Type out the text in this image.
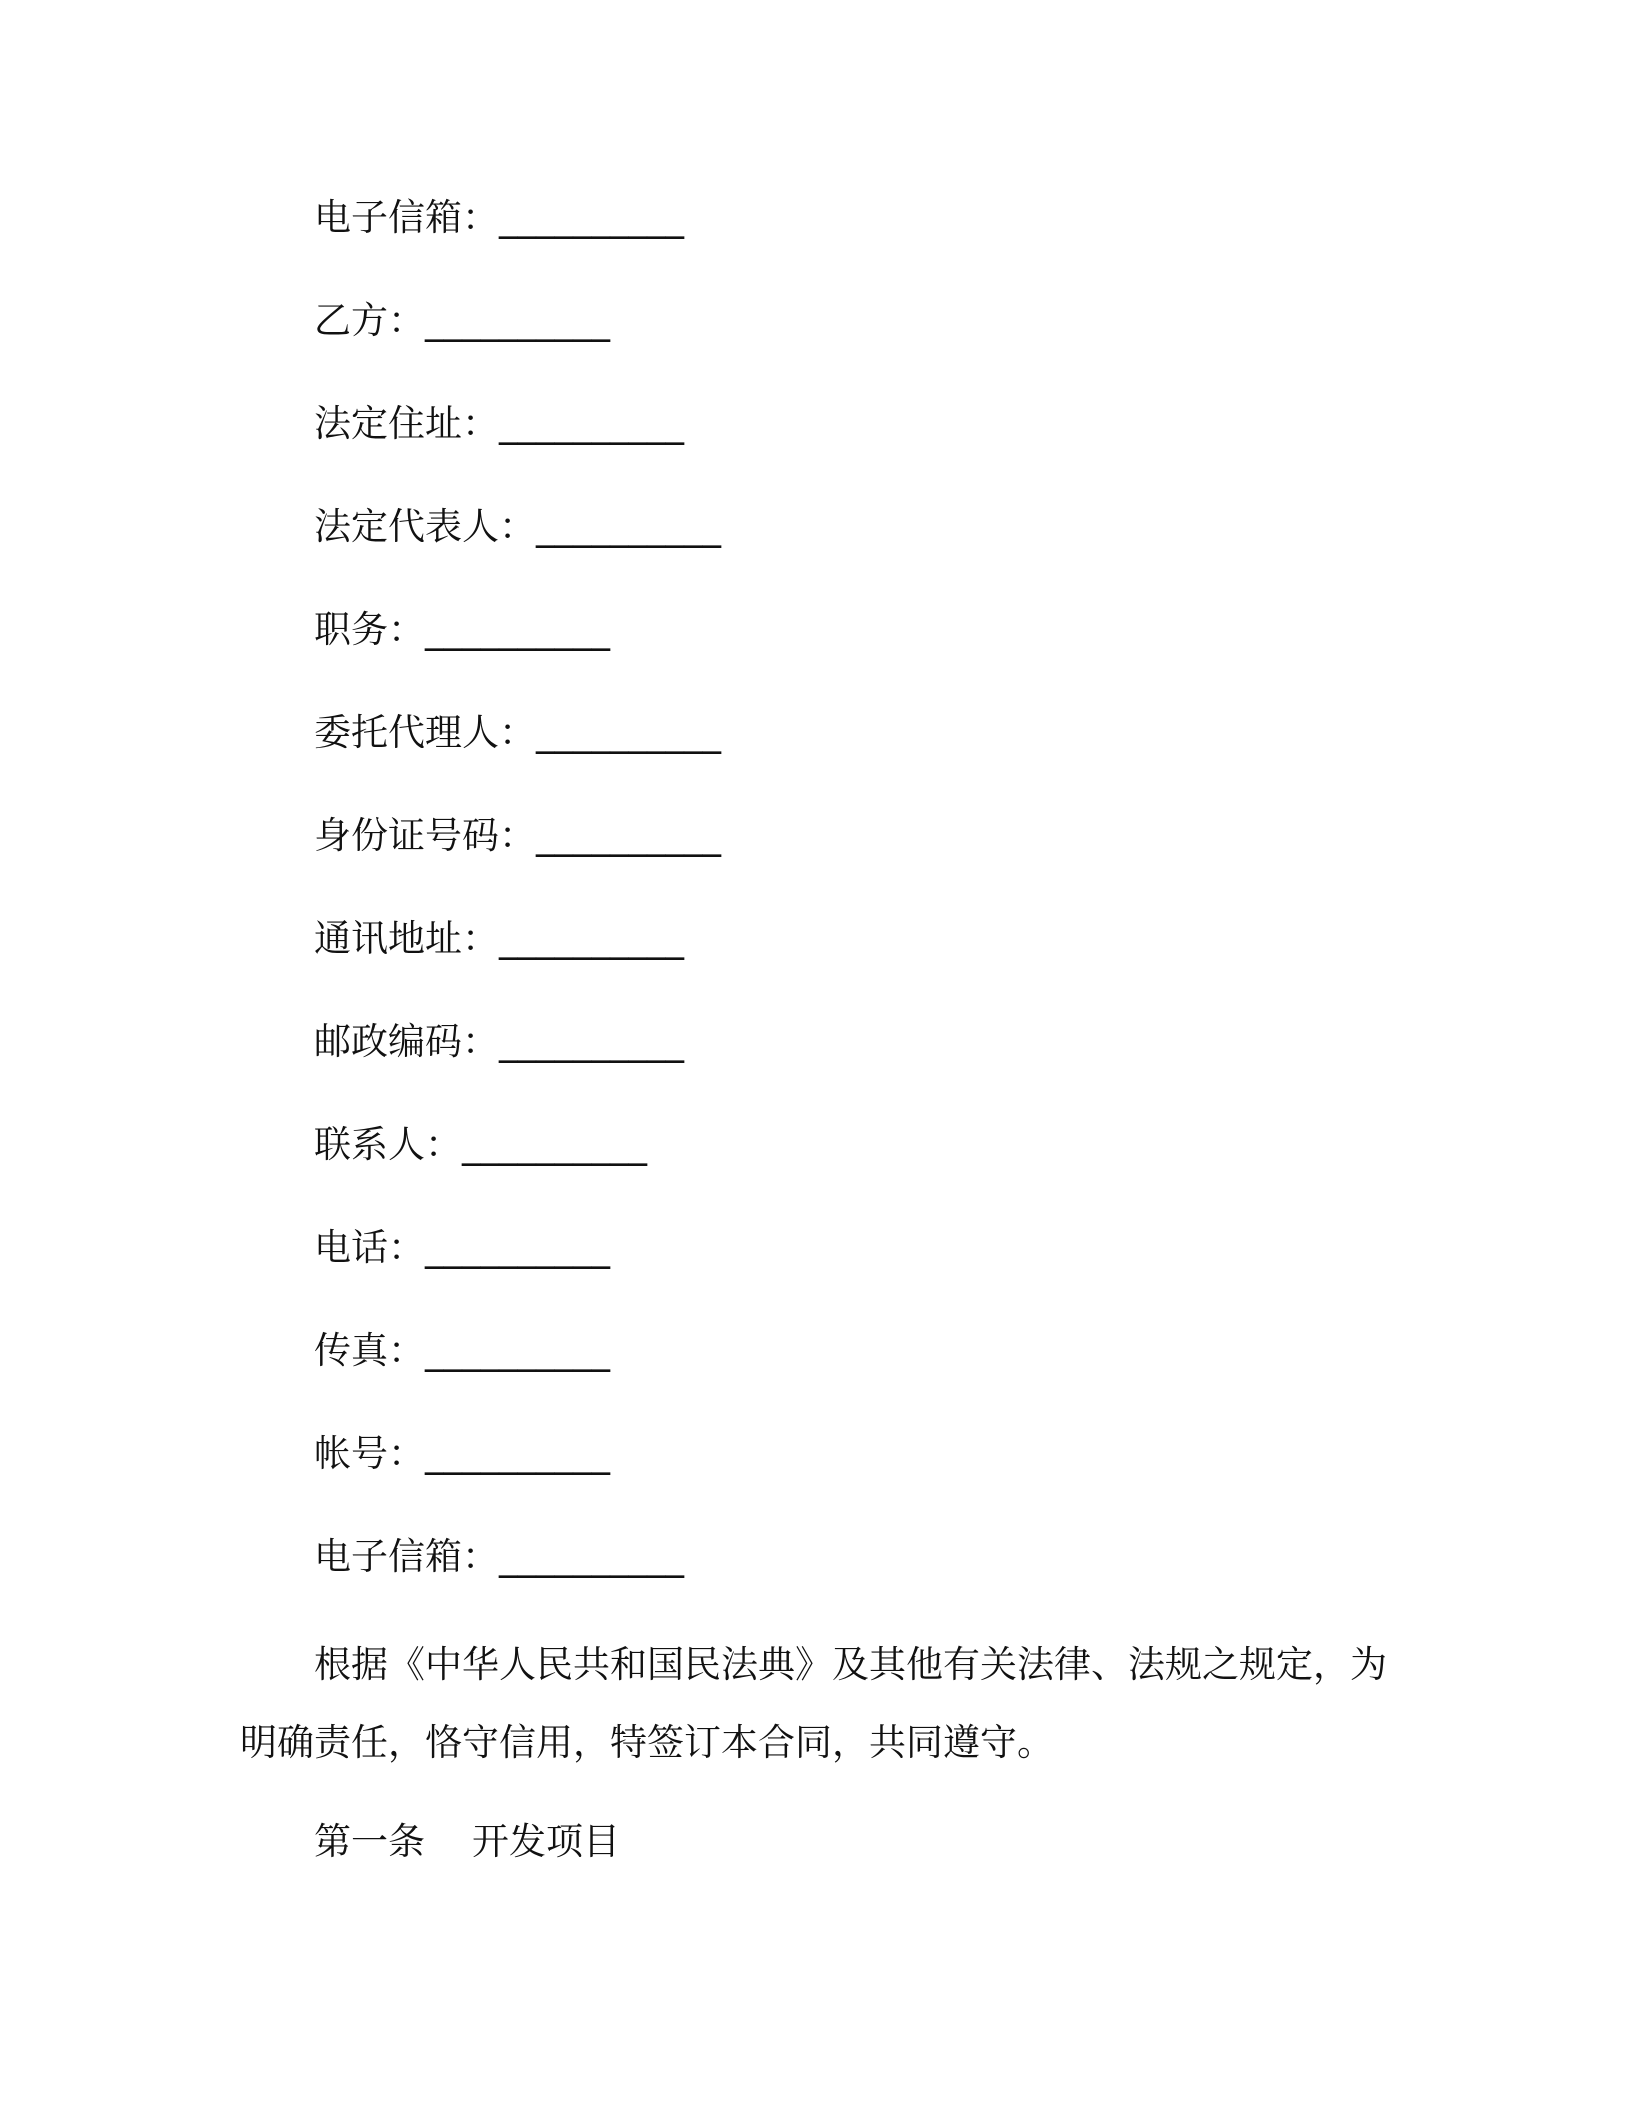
电子信箱：__________
乙方：__________
法定住址：__________
法定代表人：__________
职务：__________
委托代理人：__________
身份证号码：__________
通讯地址：__________
邮政编码：__________
联系人：__________
电话：__________
传真：__________
帐号：__________
电子信箱：__________
根据《中华人民共和国民法典》及其他有关法律、法规之规定，为明确责任，恪守信用，特签订本合同，共同遵守。
第一条 开发项目
